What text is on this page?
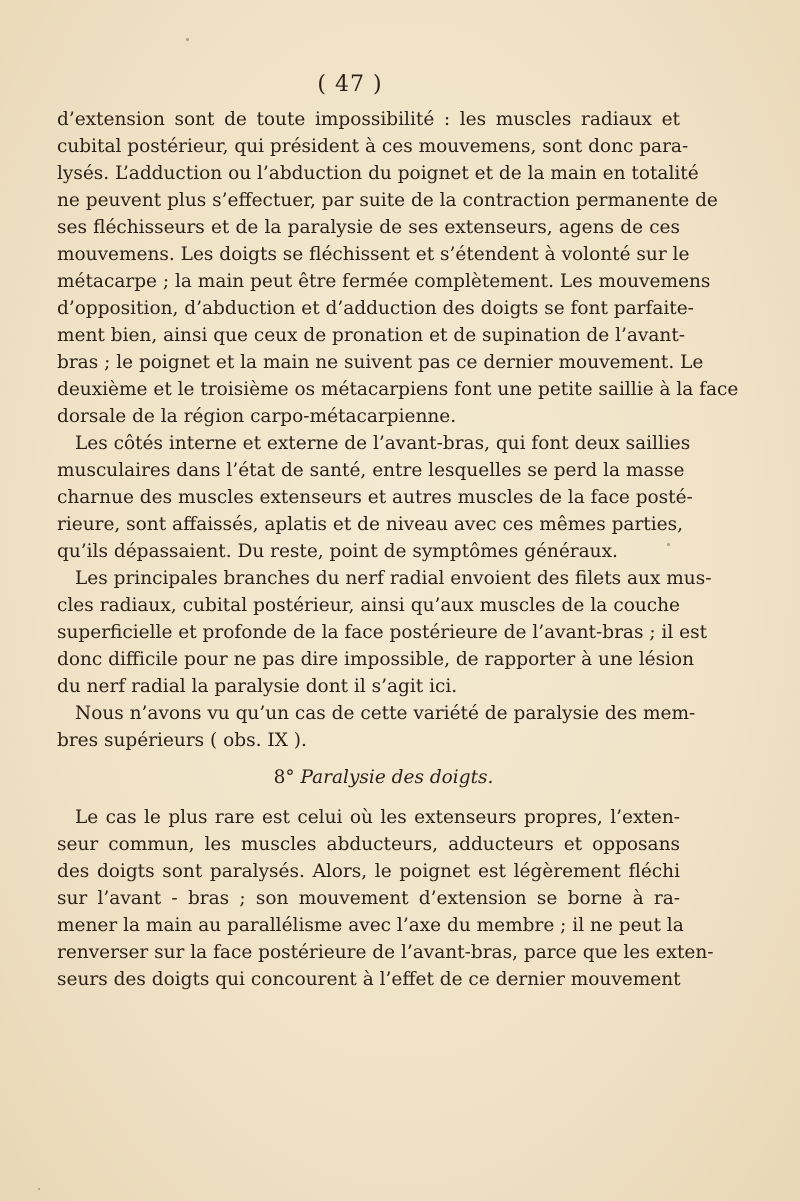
( 47 )
d’extension sont de toute impossibilité : les muscles radiaux et
cubital postérieur, qui président à ces mouvemens, sont donc para-
lysés. L’adduction ou l’abduction du poignet et de la main en totalité
ne peuvent plus s’effectuer, par suite de la contraction permanente de
ses fléchisseurs et de la paralysie de ses extenseurs, agens de ces
mouvemens. Les doigts se fléchissent et s’étendent à volonté sur le
métacarpe ; la main peut être fermée complètement. Les mouvemens
d’opposition, d’abduction et d’adduction des doigts se font parfaite-
ment bien, ainsi que ceux de pronation et de supination de l’avant-
bras ; le poignet et la main ne suivent pas ce dernier mouvement. Le
deuxième et le troisième os métacarpiens font une petite saillie à la face
dorsale de la région carpo-métacarpienne.
Les côtés interne et externe de l’avant-bras, qui font deux saillies
musculaires dans l’état de santé, entre lesquelles se perd la masse
charnue des muscles extenseurs et autres muscles de la face posté-
rieure, sont affaissés, aplatis et de niveau avec ces mêmes parties,
qu’ils dépassaient. Du reste, point de symptômes généraux.
Les principales branches du nerf radial envoient des filets aux mus-
cles radiaux, cubital postérieur, ainsi qu’aux muscles de la couche
superficielle et profonde de la face postérieure de l’avant-bras ; il est
donc difficile pour ne pas dire impossible, de rapporter à une lésion
du nerf radial la paralysie dont il s’agit ici.
Nous n’avons vu qu’un cas de cette variété de paralysie des mem-
bres supérieurs ( obs. IX ).
8° Paralysie des doigts.
Le cas le plus rare est celui où les extenseurs propres, l’exten-
seur commun, les muscles abducteurs, adducteurs et opposans
des doigts sont paralysés. Alors, le poignet est légèrement fléchi
sur l’avant - bras ; son mouvement d’extension se borne à ra-
mener la main au parallélisme avec l’axe du membre ; il ne peut la
renverser sur la face postérieure de l’avant-bras, parce que les exten-
seurs des doigts qui concourent à l’effet de ce dernier mouvement
